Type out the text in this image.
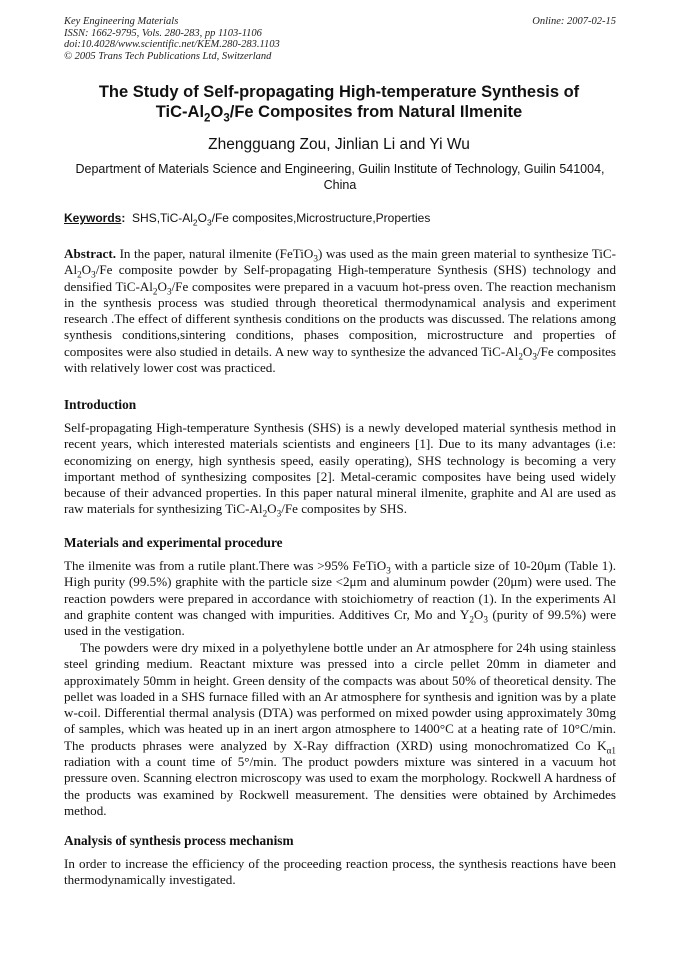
Key Engineering Materials
ISSN: 1662-9795, Vols. 280-283, pp 1103-1106
doi:10.4028/www.scientific.net/KEM.280-283.1103
© 2005 Trans Tech Publications Ltd, Switzerland
Online: 2007-02-15
The Study of Self-propagating High-temperature Synthesis of
TiC-$Al_2O_3/Fe$ Composites from Natural Ilmenite
Zhengguang Zou, Jinlian Li and Yi Wu
Department of Materials Science and Engineering, Guilin Institute of Technology, Guilin 541004, China
Keywords: $SHS,TiC-Al_2O_3/Fe$ composites,Microstructure,Properties
Abstract. In the paper, natural ilmenite (FeTiO$_3$) was used as the main green material to synthesize TiC-$Al_2O_3/Fe$ composite powder by Self-propagating High-temperature Synthesis (SHS) technology and densified TiC-$Al_2O_3/Fe$ composites were prepared in a vacuum hot-press oven. The reaction mechanism in the synthesis process was studied through theoretical thermodynamical analysis and experiment research .The effect of different synthesis conditions on the products was discussed. The relations among synthesis conditions,sintering conditions, phases composition, microstructure and properties of composites were also studied in details. A new way to synthesize the advanced TiC-$Al_2O_3/Fe$ composites with relatively lower cost was practiced.
Introduction
Self-propagating High-temperature Synthesis (SHS) is a newly developed material synthesis method in recent years, which interested materials scientists and engineers [1]. Due to its many advantages (i.e: economizing on energy, high synthesis speed, easily operating), SHS technology is becoming a very important method of synthesizing composites [2]. Metal-ceramic composites have being used widely because of their advanced properties. In this paper natural mineral ilmenite, graphite and Al are used as raw materials for synthesizing TiC-$Al_2O_3/Fe$ composites by SHS.
Materials and experimental procedure
The ilmenite was from a rutile plant.There was >95% FeTiO$_3$ with a particle size of 10-20μm (Table 1). High purity (99.5%) graphite with the particle size <2μm and aluminum powder (20μm) were used. The reaction powders were prepared in accordance with stoichiometry of reaction (1). In the experiments Al and graphite content was changed with impurities. Additives Cr, Mo and $Y_2O_3$ (purity of 99.5%) were used in the vestigation.
The powders were dry mixed in a polyethylene bottle under an Ar atmosphere for 24h using stainless steel grinding medium. Reactant mixture was pressed into a circle pellet 20mm in diameter and approximately 50mm in height. Green density of the compacts was about 50% of theoretical density. The pellet was loaded in a SHS furnace filled with an Ar atmosphere for synthesis and ignition was by a plate w-coil. Differential thermal analysis (DTA) was performed on mixed powder using approximately 30mg of samples, which was heated up in an inert argon atmosphere to 1400°C at a heating rate of 10°C/min. The products phrases were analyzed by X-Ray diffraction (XRD) using monochromatized Co $K_{\alpha 1}$ radiation with a count time of 5°/min. The product powders mixture was sintered in a vacuum hot pressure oven. Scanning electron microscopy was used to exam the morphology. Rockwell A hardness of the products was examined by Rockwell measurement. The densities were obtained by Archimedes method.
Analysis of synthesis process mechanism
In order to increase the efficiency of the proceeding reaction process, the synthesis reactions have been thermodynamically investigated.
